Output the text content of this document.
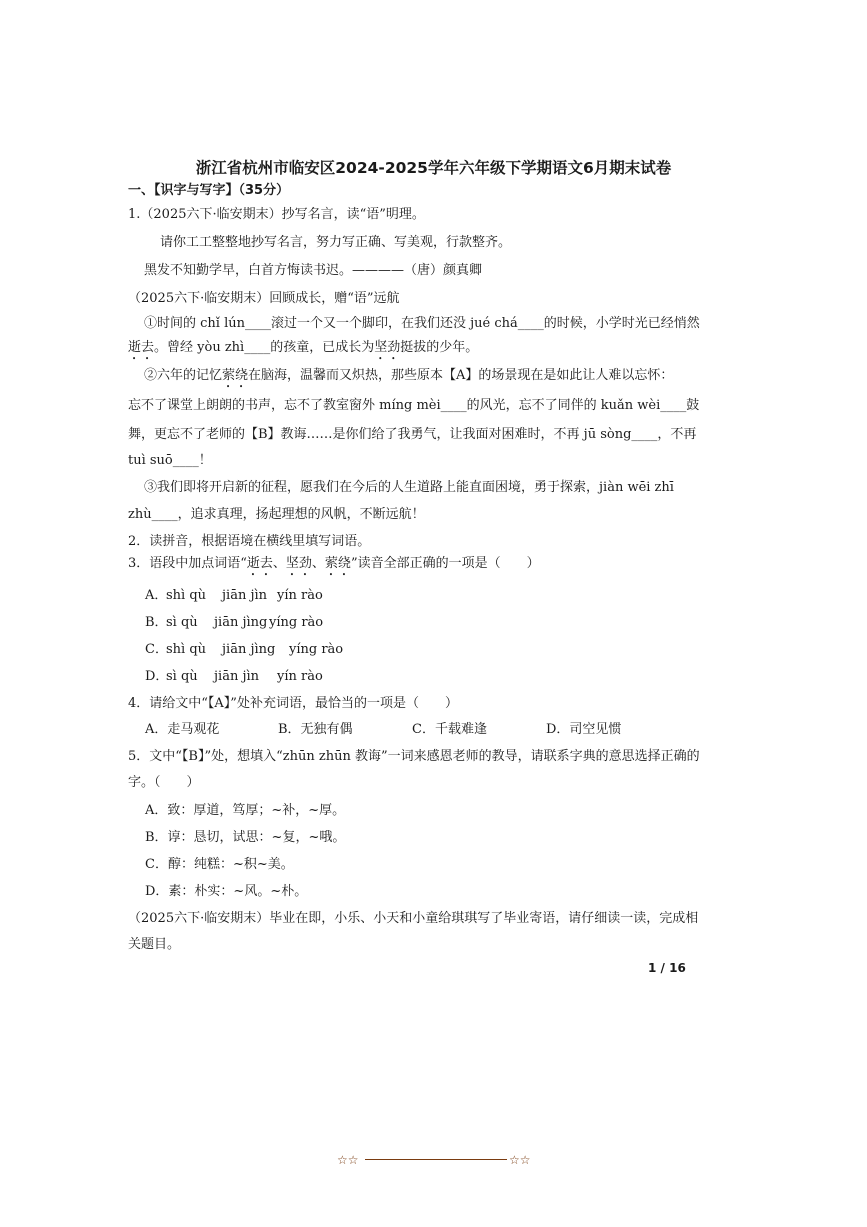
浙江省杭州市临安区2024-2025学年六年级下学期语文6月期末试卷
一、【识字与写字】（35分）
1.（2025六下·临安期末）抄写名言，读“语”明理。
请你工工整整地抄写名言，努力写正确、写美观，行款整齐。
黑发不知勤学早，白首方悔读书迟。————（唐）颜真卿
（2025六下·临安期末）回顾成长，赠“语”远航
①时间的 chǐ lún____滚过一个又一个脚印，在我们还没 jué chá____的时候，小学时光已经悄然
逝去。曾经 yòu zhì____的孩童，已成长为坚劲挺拔的少年。
②六年的记忆萦绕在脑海，温馨而又炽热，那些原本【A】的场景现在是如此让人难以忘怀：
忘不了课堂上朗朗的书声，忘不了教室窗外 míng mèi____的风光，忘不了同伴的 kuǎn wèi____鼓
舞，更忘不了老师的【B】教诲……是你们给了我勇气，让我面对困难时，不再 jū sòng____，不再
tuì suō____！
③我们即将开启新的征程，愿我们在今后的人生道路上能直面困境，勇于探索，jiàn wēi zhī
zhù____，追求真理，扬起理想的风帆，不断远航！
2．读拼音，根据语境在横线里填写词语。
3．语段中加点词语“逝去、坚劲、萦绕”读音全部正确的一项是（　　）
A．
shì qù jiān jìn yín rào
B．
sì qù jiān jìng yíng rào
C．
shì qù jiān jìng yíng rào
D．
sì qù jiān jìn yín rào
4．请给文中“【A】”处补充词语，最恰当的一项是（　　）
A．走马观花	B．无独有偶	C．千载难逢	D．司空见惯
5．文中“【B】”处，想填入“zhūn zhūn 教诲”一词来感恩老师的教导，请联系字典的意思选择正确的
字。（　　）
A．致：厚道，笃厚；~补，~厚。
B．谆：恳切，试思：~复，~哦。
C．醇：纯糕：~积~美。
D．素：朴实：~风。~朴。
（2025六下·临安期末）毕业在即，小乐、小天和小童给琪琪写了毕业寄语，请仔细读一读，完成相
关题目。
1 / 16
☆☆	☆☆
